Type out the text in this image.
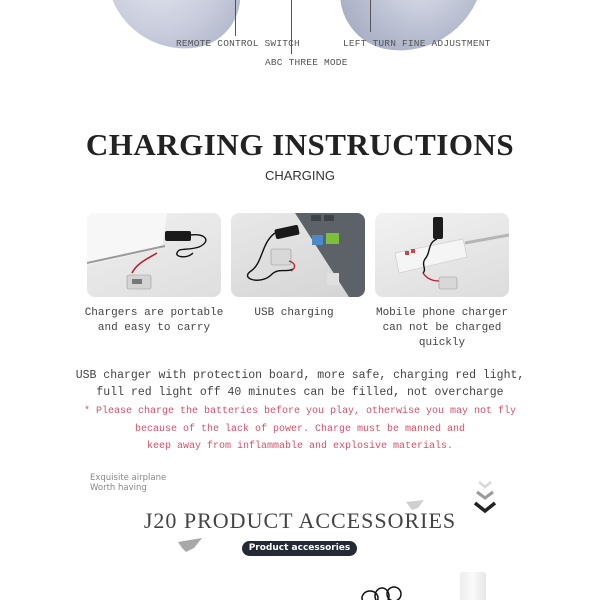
REMOTE CONTROL SWITCH
ABC THREE MODE
LEFT TURN FINE ADJUSTMENT
CHARGING INSTRUCTIONS
CHARGING
Chargers are portable
and easy to carry
USB charging	Mobile phone charger
can not be charged quickly
USB charger with protection board, more safe, charging red light,
full red light off 40 minutes can be filled, not overcharge
* Please charge the batteries before you play, otherwise you may not fly
because of the lack of power. Charge must be manned and
keep away from inflammable and explosive materials.
Exquisite airplane
Worth having
J20 PRODUCT ACCESSORIES
Product accessories
